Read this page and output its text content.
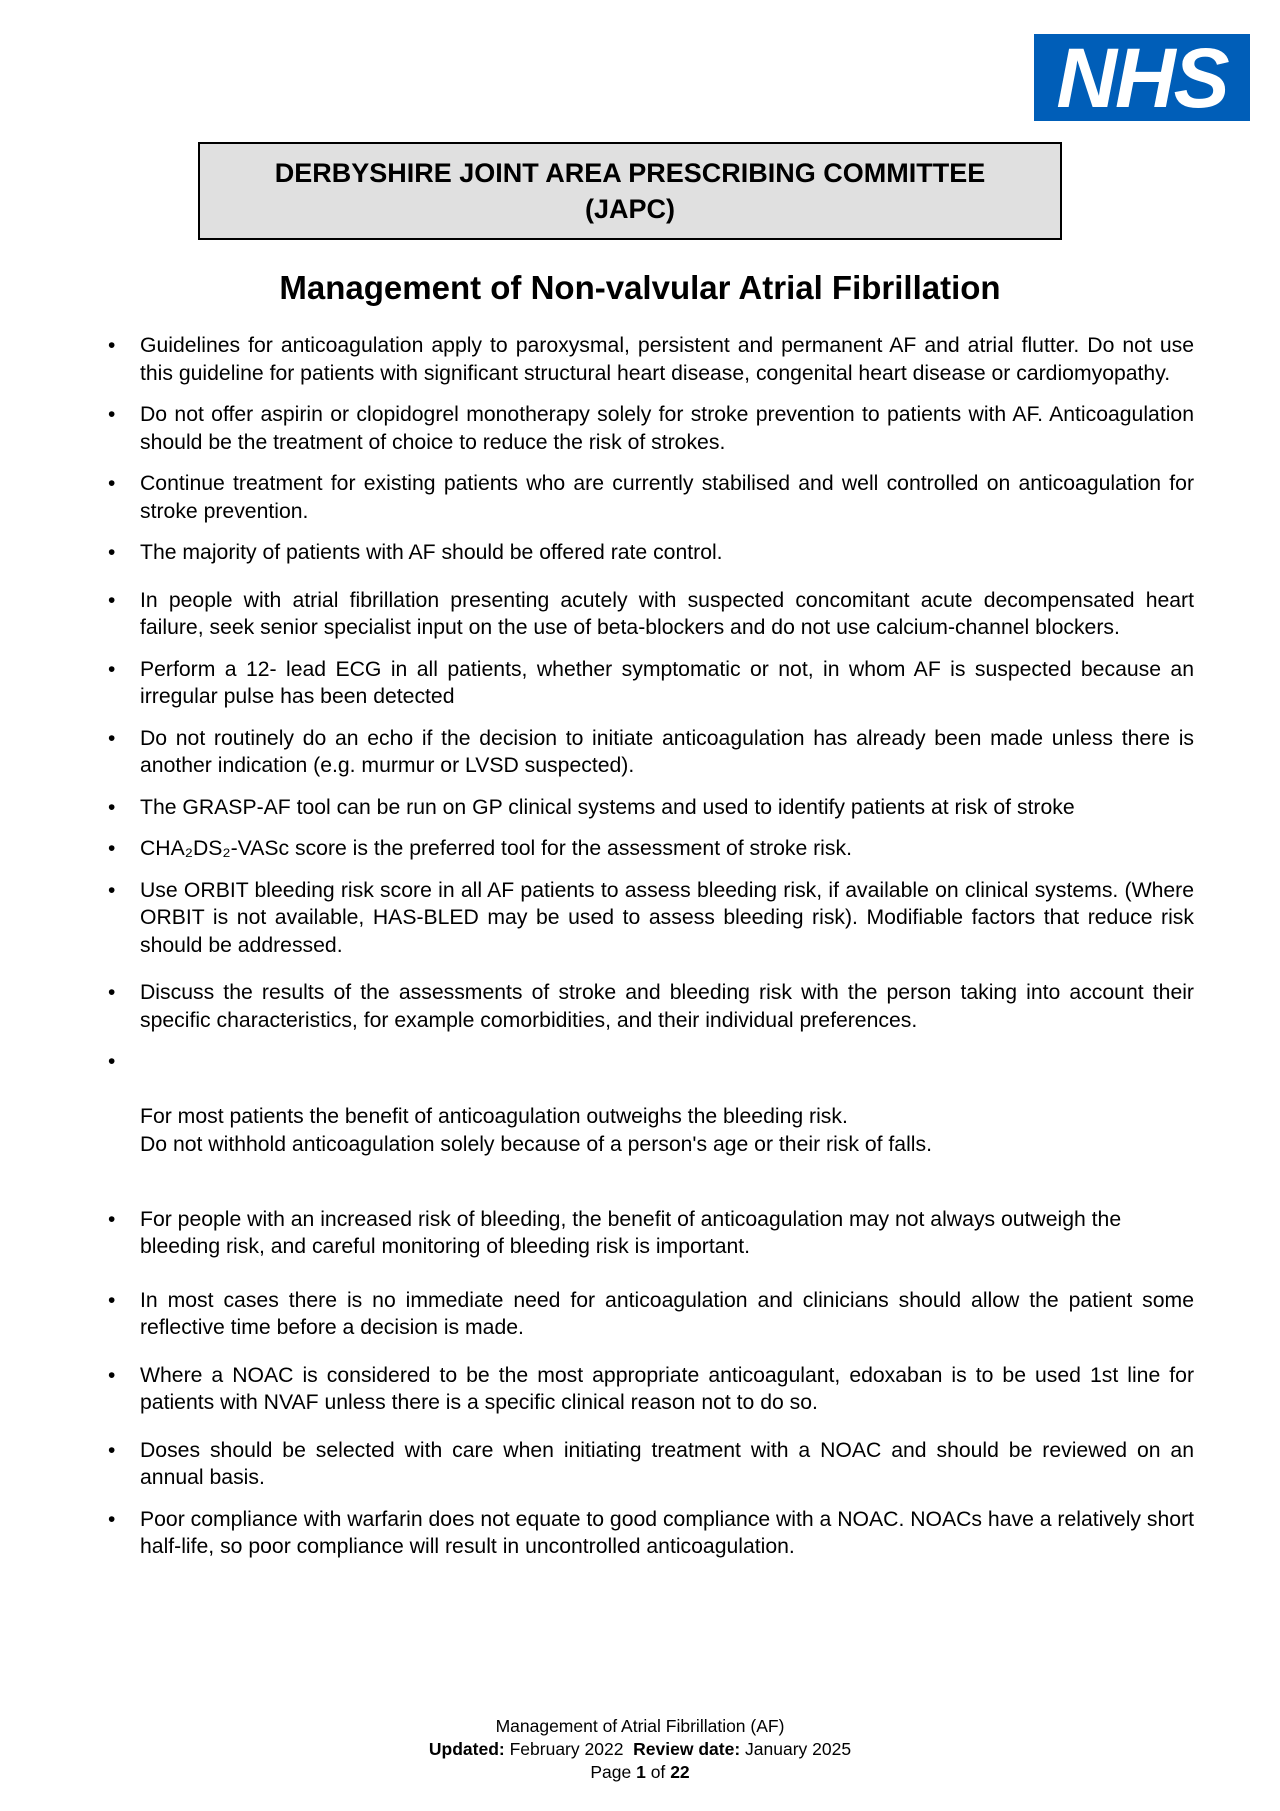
NHS
DERBYSHIRE JOINT AREA PRESCRIBING COMMITTEE
(JAPC)
Management of Non-valvular Atrial Fibrillation
• Guidelines for anticoagulation apply to paroxysmal, persistent and permanent AF and atrial flutter. Do not use this guideline for patients with significant structural heart disease, congenital heart disease or cardiomyopathy.
• Do not offer aspirin or clopidogrel monotherapy solely for stroke prevention to patients with AF. Anticoagulation should be the treatment of choice to reduce the risk of strokes.
• Continue treatment for existing patients who are currently stabilised and well controlled on anticoagulation for stroke prevention.
• The majority of patients with AF should be offered rate control.
• In people with atrial fibrillation presenting acutely with suspected concomitant acute decompensated heart failure, seek senior specialist input on the use of beta-blockers and do not use calcium-channel blockers.
• Perform a 12- lead ECG in all patients, whether symptomatic or not, in whom AF is suspected because an irregular pulse has been detected
• Do not routinely do an echo if the decision to initiate anticoagulation has already been made unless there is another indication (e.g. murmur or LVSD suspected).
• The GRASP-AF tool can be run on GP clinical systems and used to identify patients at risk of stroke
• CHA₂DS₂-VASc score is the preferred tool for the assessment of stroke risk.
• Use ORBIT bleeding risk score in all AF patients to assess bleeding risk, if available on clinical systems. (Where ORBIT is not available, HAS-BLED may be used to assess bleeding risk). Modifiable factors that reduce risk should be addressed.
• Discuss the results of the assessments of stroke and bleeding risk with the person taking into account their specific characteristics, for example comorbidities, and their individual preferences.

•

For most patients the benefit of anticoagulation outweighs the bleeding risk.
Do not withhold anticoagulation solely because of a person's age or their risk of falls.

• For people with an increased risk of bleeding, the benefit of anticoagulation may not always outweigh the bleeding risk, and careful monitoring of bleeding risk is important.
• In most cases there is no immediate need for anticoagulation and clinicians should allow the patient some reflective time before a decision is made.
• Where a NOAC is considered to be the most appropriate anticoagulant, edoxaban is to be used 1st line for patients with NVAF unless there is a specific clinical reason not to do so.
• Doses should be selected with care when initiating treatment with a NOAC and should be reviewed on an annual basis.
• Poor compliance with warfarin does not equate to good compliance with a NOAC. NOACs have a relatively short half-life, so poor compliance will result in uncontrolled anticoagulation.
Management of Atrial Fibrillation (AF)
Updated: February 2022 Review date: January 2025
Page 1 of 22
